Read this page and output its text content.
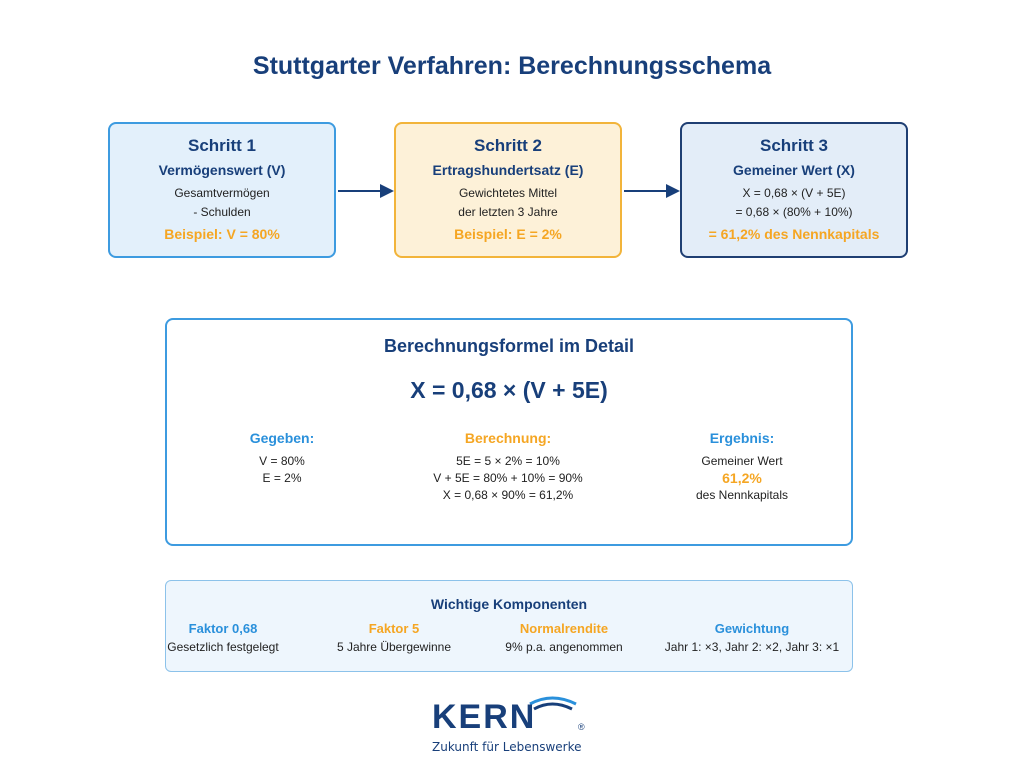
Stuttgarter Verfahren: Berechnungsschema
Schritt 1
Vermögenswert (V)
Gesamtvermögen
- Schulden
Beispiel: V = 80%
Schritt 2
Ertragshundertsatz (E)
Gewichtetes Mittel
der letzten 3 Jahre
Beispiel: E = 2%
Schritt 3
Gemeiner Wert (X)
X = 0,68 × (V + 5E)
= 0,68 × (80% + 10%)
= 61,2% des Nennkapitals
Berechnungsformel im Detail
X = 0,68 × (V + 5E)
Gegeben:
V = 80%
E = 2%
Berechnung:
5E = 5 × 2% = 10%
V + 5E = 80% + 10% = 90%
X = 0,68 × 90% = 61,2%
Ergebnis:
Gemeiner Wert
61,2%
des Nennkapitals
Wichtige Komponenten
Faktor 0,68
Gesetzlich festgelegt
Faktor 5
5 Jahre Übergewinne
Normalrendite
9% p.a. angenommen
Gewichtung
Jahr 1: ×3, Jahr 2: ×2, Jahr 3: ×1
KERN	®
Zukunft für Lebenswerke
